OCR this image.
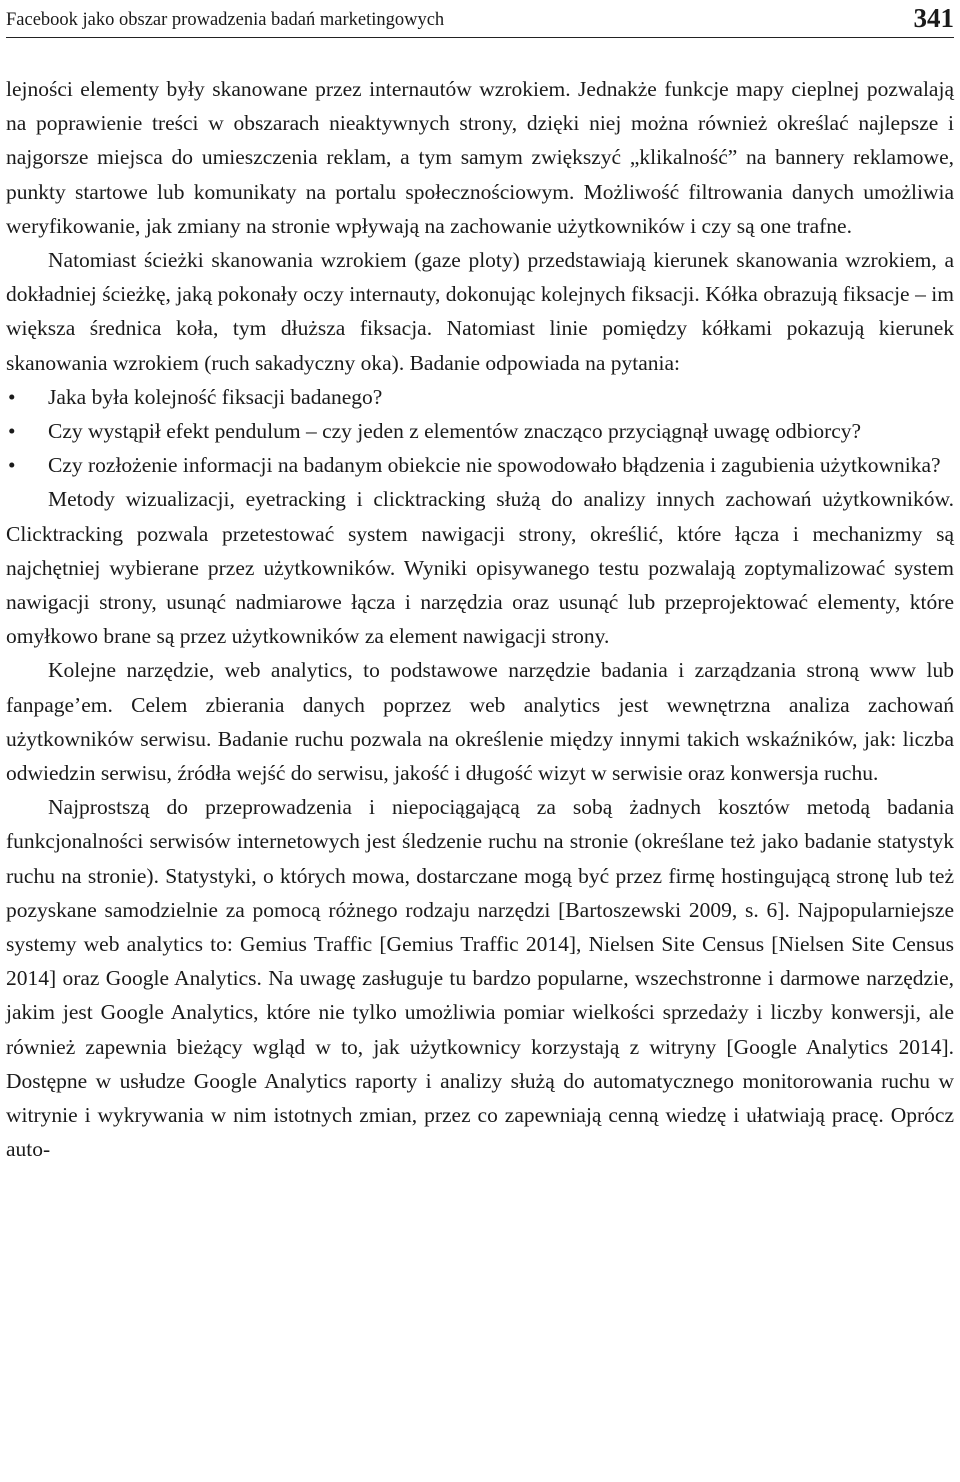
Facebook jako obszar prowadzenia badań marketingowych	341

lejności elementy były skanowane przez internautów wzrokiem. Jednakże funkcje mapy cieplnej pozwalają na poprawienie treści w obszarach nieaktywnych strony, dzięki niej można również określać najlepsze i najgorsze miejsca do umieszczenia reklam, a tym samym zwiększyć „klikalność” na bannery reklamowe, punkty startowe lub komunikaty na portalu społecznościowym. Możliwość filtrowania danych umożliwia weryfikowanie, jak zmiany na stronie wpływają na zachowanie użytkowników i czy są one trafne.

Natomiast ścieżki skanowania wzrokiem (gaze ploty) przedstawiają kierunek skanowania wzrokiem, a dokładniej ścieżkę, jaką pokonały oczy internauty, dokonując kolejnych fiksacji. Kółka obrazują fiksacje – im większa średnica koła, tym dłuższa fiksacja. Natomiast linie pomiędzy kółkami pokazują kierunek skanowania wzrokiem (ruch sakadyczny oka). Badanie odpowiada na pytania:

• Jaka była kolejność fiksacji badanego?
• Czy wystąpił efekt pendulum – czy jeden z elementów znacząco przyciągnął uwagę odbiorcy?
• Czy rozłożenie informacji na badanym obiekcie nie spowodowało błądzenia i zagubienia użytkownika?

Metody wizualizacji, eyetracking i clicktracking służą do analizy innych zachowań użytkowników. Clicktracking pozwala przetestować system nawigacji strony, określić, które łącza i mechanizmy są najchętniej wybierane przez użytkowników. Wyniki opisywanego testu pozwalają zoptymalizować system nawigacji strony, usunąć nadmiarowe łącza i narzędzia oraz usunąć lub przeprojektować elementy, które omyłkowo brane są przez użytkowników za element nawigacji strony.

Kolejne narzędzie, web analytics, to podstawowe narzędzie badania i zarządzania stroną www lub fanpage’em. Celem zbierania danych poprzez web analytics jest wewnętrzna analiza zachowań użytkowników serwisu. Badanie ruchu pozwala na określenie między innymi takich wskaźników, jak: liczba odwiedzin serwisu, źródła wejść do serwisu, jakość i długość wizyt w serwisie oraz konwersja ruchu.

Najprostszą do przeprowadzenia i niepociągającą za sobą żadnych kosztów metodą badania funkcjonalności serwisów internetowych jest śledzenie ruchu na stronie (określane też jako badanie statystyk ruchu na stronie). Statystyki, o których mowa, dostarczane mogą być przez firmę hostingującą stronę lub też pozyskane samodzielnie za pomocą różnego rodzaju narzędzi [Bartoszewski 2009, s. 6]. Najpopularniejsze systemy web analytics to: Gemius Traffic [Gemius Traffic 2014], Nielsen Site Census [Nielsen Site Census 2014] oraz Google Analytics. Na uwagę zasługuje tu bardzo popularne, wszechstronne i darmowe narzędzie, jakim jest Google Analytics, które nie tylko umożliwia pomiar wielkości sprzedaży i liczby konwersji, ale również zapewnia bieżący wgląd w to, jak użytkownicy korzystają z witryny [Google Analytics 2014]. Dostępne w usłudze Google Analytics raporty i analizy służą do automatycznego monitorowania ruchu w witrynie i wykrywania w nim istotnych zmian, przez co zapewniają cenną wiedzę i ułatwiają pracę. Oprócz auto-
